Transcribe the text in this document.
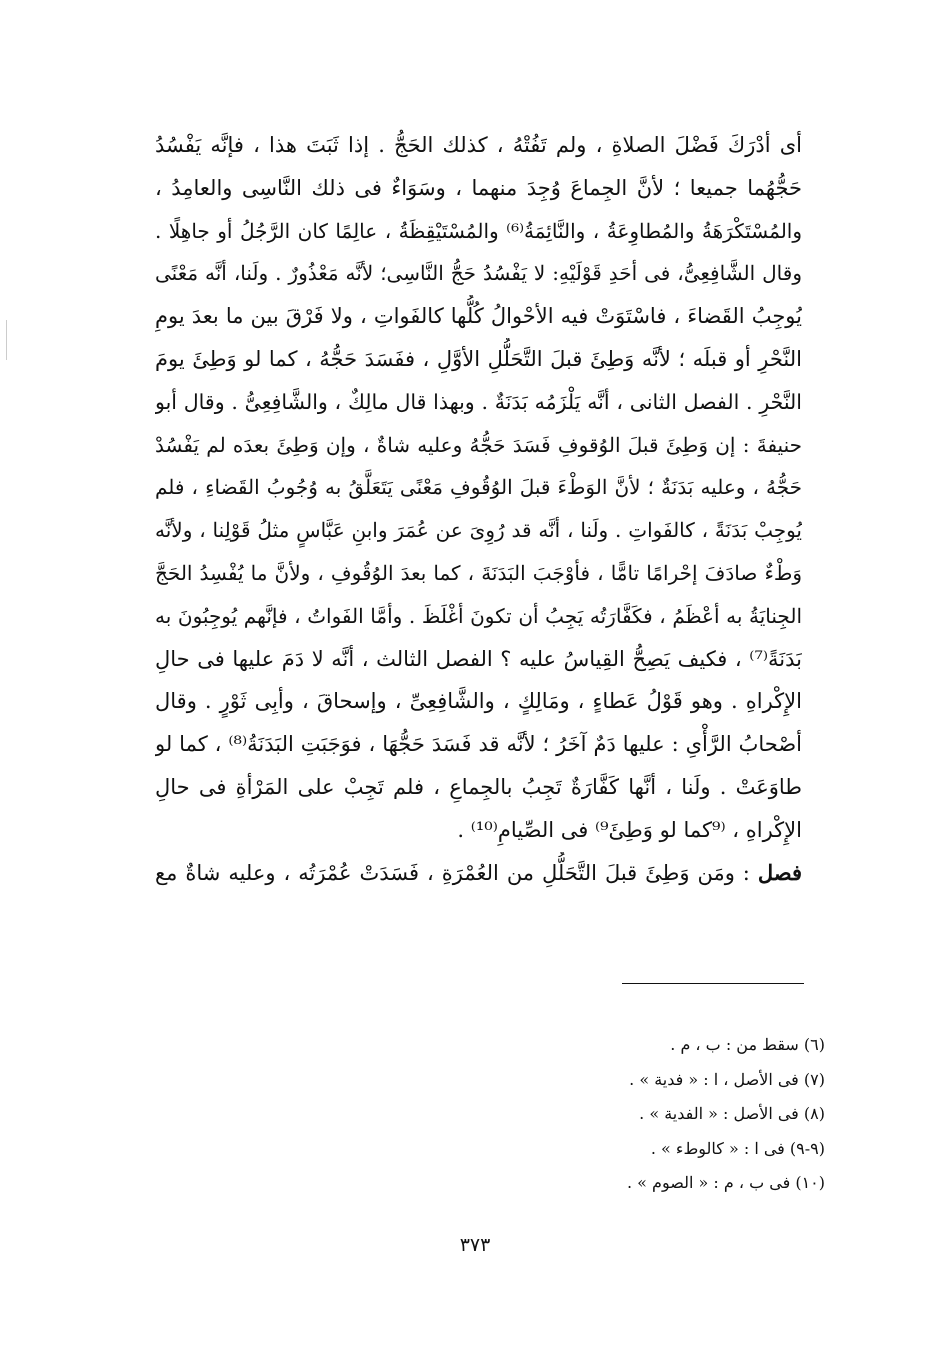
أى أدْرَكَ فَضْلَ الصلاةِ ، ولم تَفُتْهُ ، كذلك الحَجُّ . إذا ثَبَتَ هذا ، فإنَّه يَفْسُدُ
حَجُّهُما جميعا ؛ لأنَّ الجِماعَ وُجِدَ منهما ، وسَوَاءٌ فى ذلك النَّاسِى والعامِدُ ،
والمُسْتَكْرَهَةُ والمُطاوِعَةُ ، والنَّائِمَةُ⁽⁶⁾ والمُسْتَيْقِظَةُ ، عالِمًا كان الرَّجُلُ أو جاهِلًا .
وقال الشَّافِعِىُّ، فى أحَدِ قَوْلَيْهِ: لا يَفْسُدُ حَجُّ النَّاسِى؛ لأنَّه مَعْذُورٌ . ولَنا، أنَّه مَعْنًى
يُوجِبُ القَضاءَ ، فاسْتَوَتْ فيه الأحْوالُ كُلُّها كالفَواتِ ، ولا فَرْقَ بين ما بعدَ يومِ
النَّحْرِ أو قبلَه ؛ لأنَّه وَطِئَ قبلَ التَّحَلُّلِ الأوَّلِ ، ففَسَدَ حَجُّهُ ، كما لو وَطِئَ يومَ
النَّحْرِ . الفصل الثانى ، أنَّه يَلْزَمُه بَدَنَةٌ . وبهذا قال مالِكٌ ، والشَّافِعِىُّ . وقال أبو
حنيفةَ : إن وَطِئَ قبلَ الوُقوفِ فَسَدَ حَجُّهُ وعليه شاةٌ ، وإن وَطِئَ بعدَه لم يَفْسُدْ
حَجُّهُ ، وعليه بَدَنَةٌ ؛ لأنَّ الوَطْءَ قبلَ الوُقُوفِ مَعْنًى يَتَعَلَّقُ به وُجُوبُ القَضاءِ ، فلم
يُوجِبْ بَدَنَةً ، كالفَواتِ . ولَنا ، أنَّه قد رُوِىَ عن عُمَرَ وابنِ عَبَّاسٍ مثلُ قَوْلِنا ، ولأنَّه
وَطْءٌ صادَفَ إحْرامًا تامًّا ، فأوْجَبَ البَدَنَةَ ، كما بعدَ الوُقُوفِ ، ولأنَّ ما يُفْسِدُ الحَجَّ
الجِنايَةُ به أعْظَمُ ، فكَفَّارَتُه يَجِبُ أن تكونَ أغْلَظَ . وأمَّا الفَواتُ ، فإنَّهم يُوجِبُونَ به
بَدَنَةً⁽⁷⁾ ، فكيف يَصِحُّ القِياسُ عليه ؟ الفصل الثالث ، أنَّه لا دَمَ عليها فى حالِ
الإِكْراهِ . وهو قَوْلُ عَطاءٍ ، ومَالِكٍ ، والشَّافِعِىِّ ، وإسحاقَ ، وأبِى ثَوْرٍ . وقال
أصْحابُ الرَّأْىِ : عليها دَمٌ آخَرُ ؛ لأنَّه قد فَسَدَ حَجُّهَا ، فوَجَبَتِ البَدَنَةُ⁽⁸⁾ ، كما لو
طاوَعَتْ . ولَنا ، أنَّها كَفَّارَةٌ تَجِبُ بالجِماعِ ، فلم تَجِبْ على المَرْأةِ فى حالِ
الإِكْراهِ ، ⁽⁹كما لو وَطِئَ⁹⁾ فى الصِّيامِ⁽¹⁰⁾ .
فصل : ومَن وَطِئَ قبلَ التَّحَلُّلِ من العُمْرَةِ ، فَسَدَتْ عُمْرَتُه ، وعليه شاةٌ مع
(٦) سقط من : ب ، م .
(٧) فى الأصل ، ا : « فدية » .
(٨) فى الأصل : « الفدية » .
(٩-٩) فى ا : « كالوطء » .
(١٠) فى ب ، م : « الصوم » .
٣٧٣
